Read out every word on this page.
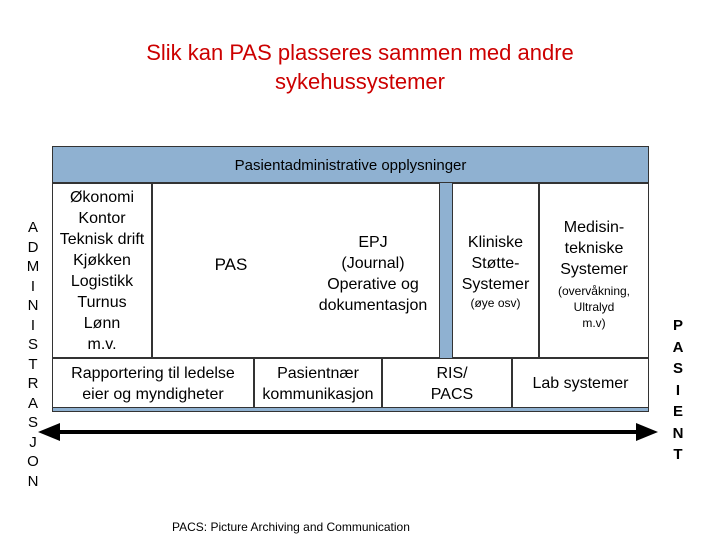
Slik kan PAS plasseres sammen med andre
sykehussystemer
A
D
M
I
N
I
S
T
R
A
S
J
O
N
P
A
S
I
E
N
T
Pasientadministrative opplysninger
Økonomi
Kontor
Teknisk drift
Kjøkken
Logistikk
Turnus
Lønn
m.v.
PAS
EPJ
(Journal)
Operative og
dokumentasjon
Kliniske
Støtte-
Systemer
(øye osv)
Medisin-
tekniske
Systemer
(overvåkning,
Ultralyd
m.v)
Rapportering til ledelse
eier og myndigheter
Pasientnær
kommunikasjon
RIS/
PACS
Lab systemer
PACS: Picture Archiving and Communication
